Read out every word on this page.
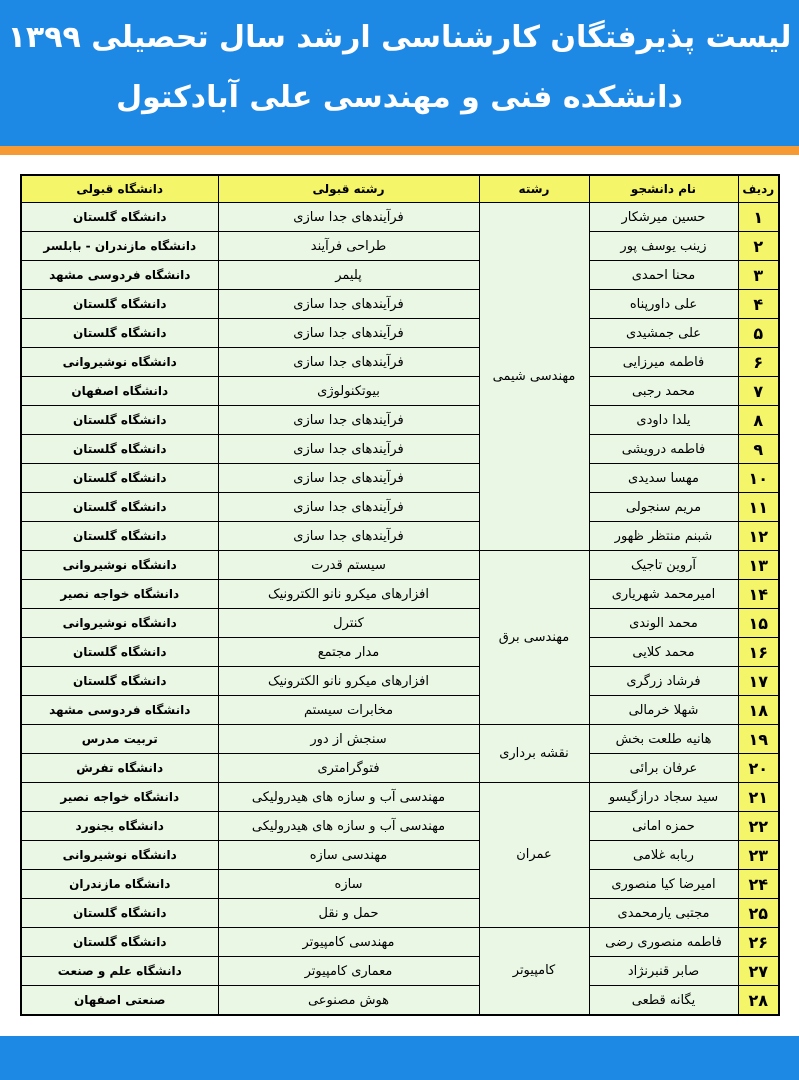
لیست پذیرفتگان کارشناسی ارشد سال تحصیلی ۱۳۹۹
دانشکده فنی و مهندسی علی آبادکتول
ردیف	نام دانشجو	رشته	رشته قبولی	دانشگاه قبولی
۱	حسین میرشکار	مهندسی شیمی	فرآیندهای جدا سازی	دانشگاه گلستان
۲	زینب یوسف پور		طراحی فرآیند	دانشگاه مازندران - بابلسر
۳	محنا احمدی		پلیمر	دانشگاه فردوسی مشهد
۴	علی داورپناه		فرآیندهای جدا سازی	دانشگاه گلستان
۵	علی جمشیدی		فرآیندهای جدا سازی	دانشگاه گلستان
۶	فاطمه میرزایی		فرآیندهای جدا سازی	دانشگاه نوشیروانی
۷	محمد رجبی		بیوتکنولوژی	دانشگاه اصفهان
۸	یلدا داودی		فرآیندهای جدا سازی	دانشگاه گلستان
۹	فاطمه درویشی		فرآیندهای جدا سازی	دانشگاه گلستان
۱۰	مهسا سدیدی		فرآیندهای جدا سازی	دانشگاه گلستان
۱۱	مریم سنجولی		فرآیندهای جدا سازی	دانشگاه گلستان
۱۲	شبنم منتظر ظهور		فرآیندهای جدا سازی	دانشگاه گلستان
۱۳	آروین تاجیک	مهندسی برق	سیستم قدرت	دانشگاه نوشیروانی
۱۴	امیرمحمد شهریاری		افزارهای میکرو نانو الکترونیک	دانشگاه خواجه نصیر
۱۵	محمد الوندی		کنترل	دانشگاه نوشیروانی
۱۶	محمد کلایی		مدار مجتمع	دانشگاه گلستان
۱۷	فرشاد زرگری		افزارهای میکرو نانو الکترونیک	دانشگاه گلستان
۱۸	شهلا خرمالی		مخابرات سیستم	دانشگاه فردوسی مشهد
۱۹	هانیه طلعت بخش	نقشه برداری	سنجش از دور	تربیت مدرس
۲۰	عرفان برائی		فتوگرامتری	دانشگاه تفرش
۲۱	سید سجاد درازگیسو	عمران	مهندسی آب و سازه های هیدرولیکی	دانشگاه خواجه نصیر
۲۲	حمزه امانی		مهندسی آب و سازه های هیدرولیکی	دانشگاه بجنورد
۲۳	ربابه غلامی		مهندسی سازه	دانشگاه نوشیروانی
۲۴	امیرضا کیا منصوری		سازه	دانشگاه مازندران
۲۵	مجتبی یارمحمدی		حمل و نقل	دانشگاه گلستان
۲۶	فاطمه منصوری رضی	کامپیوتر	مهندسی کامپیوتر	دانشگاه گلستان
۲۷	صابر قنبرنژاد		معماری کامپیوتر	دانشگاه علم و صنعت
۲۸	یگانه قطعی		هوش مصنوعی	صنعتی اصفهان
